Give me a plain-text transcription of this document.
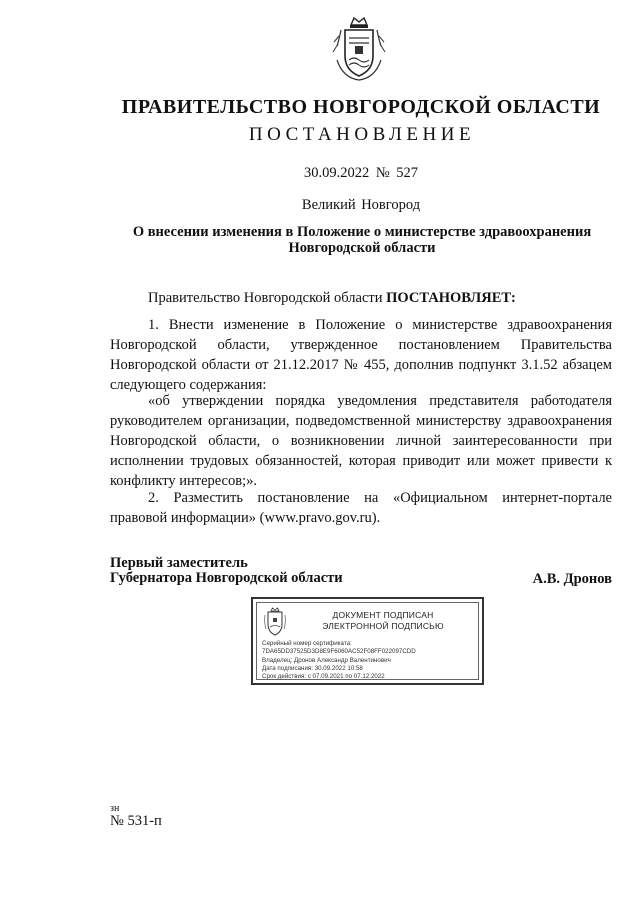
ПРАВИТЕЛЬСТВО НОВГОРОДСКОЙ ОБЛАСТИ
ПОСТАНОВЛЕНИЕ
30.09.2022 № 527
Великий Новгород
О внесении изменения в Положение о министерстве здравоохранения
Новгородской области
Правительство Новгородской области ПОСТАНОВЛЯЕТ:
1. Внести изменение в Положение о министерстве здравоохранения Новгородской области, утвержденное постановлением Правительства Новгородской области от 21.12.2017 № 455, дополнив подпункт 3.1.52 абзацем следующего содержания:
«об утверждении порядка уведомления представителя работодателя руководителем организации, подведомственной министерству здравоохранения Новгородской области, о возникновении личной заинтересованности при исполнении трудовых обязанностей, которая приводит или может привести к конфликту интересов;».
2. Разместить постановление на «Официальном интернет-портале правовой информации» (www.pravo.gov.ru).
Первый заместитель
Губернатора Новгородской области	А.В. Дронов
ДОКУМЕНТ ПОДПИСАН
ЭЛЕКТРОННОЙ ПОДПИСЬЮ
Серийный номер сертификата:
7DA65DD37525D3D8E9F6060AC52F08FF022097CDD
Владелец: Дронов Александр Валентинович
Дата подписания: 30.09.2022 10:58
Срок действия: с 07.09.2021 по 07.12.2022
зн
№ 531-п
